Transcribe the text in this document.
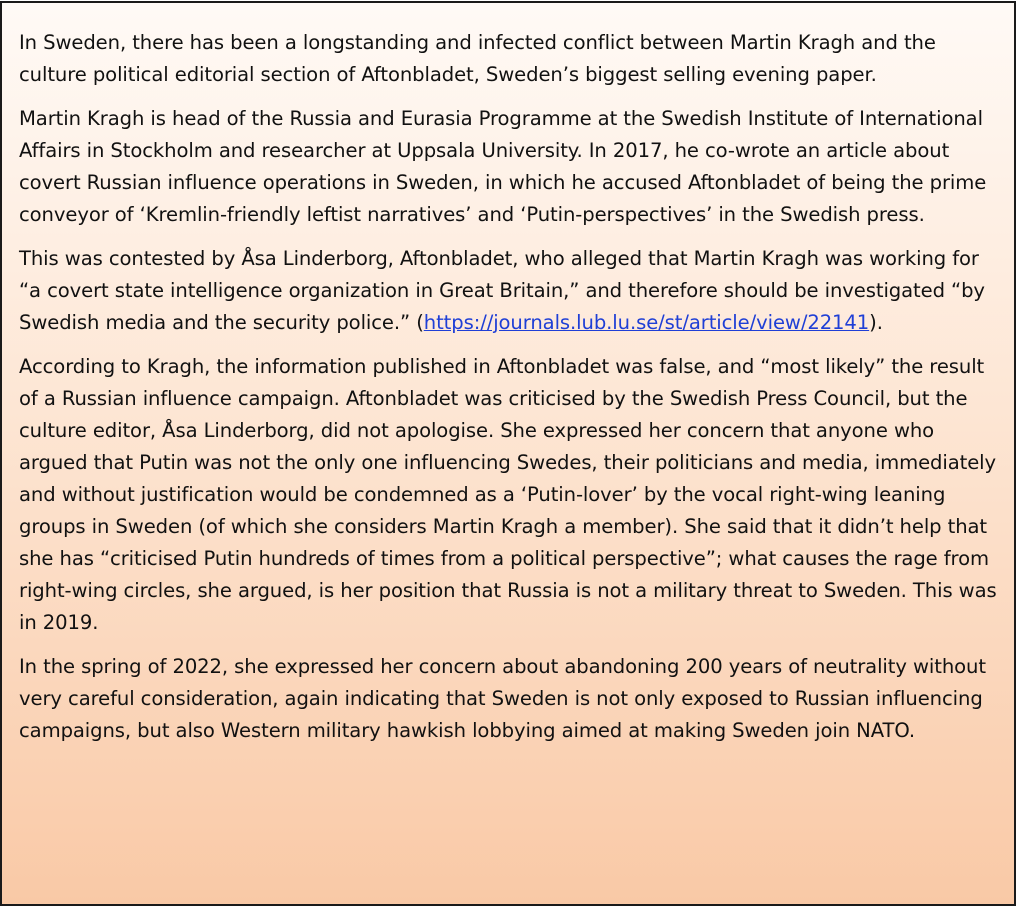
In Sweden, there has been a longstanding and infected conflict between Martin Kragh and the culture political editorial section of Aftonbladet, Sweden’s biggest selling evening paper.

Martin Kragh is head of the Russia and Eurasia Programme at the Swedish Institute of International Affairs in Stockholm and researcher at Uppsala University. In 2017, he co-wrote an article about covert Russian influence operations in Sweden, in which he accused Aftonbladet of being the prime conveyor of ‘Kremlin-friendly leftist narratives’ and ‘Putin-perspectives’ in the Swedish press.

This was contested by Åsa Linderborg, Aftonbladet, who alleged that Martin Kragh was working for “a covert state intelligence organization in Great Britain,” and therefore should be investigated “by Swedish media and the security police.” (https://journals.lub.lu.se/st/article/view/22141).

According to Kragh, the information published in Aftonbladet was false, and “most likely” the result of a Russian influence campaign. Aftonbladet was criticised by the Swedish Press Council, but the culture editor, Åsa Linderborg, did not apologise. She expressed her concern that anyone who argued that Putin was not the only one influencing Swedes, their politicians and media, immediately and without justification would be condemned as a ‘Putin-lover’ by the vocal right-wing leaning groups in Sweden (of which she considers Martin Kragh a member). She said that it didn’t help that she has “criticised Putin hundreds of times from a political perspective”; what causes the rage from right-wing circles, she argued, is her position that Russia is not a military threat to Sweden. This was in 2019.

In the spring of 2022, she expressed her concern about abandoning 200 years of neutrality without very careful consideration, again indicating that Sweden is not only exposed to Russian influencing campaigns, but also Western military hawkish lobbying aimed at making Sweden join NATO.
